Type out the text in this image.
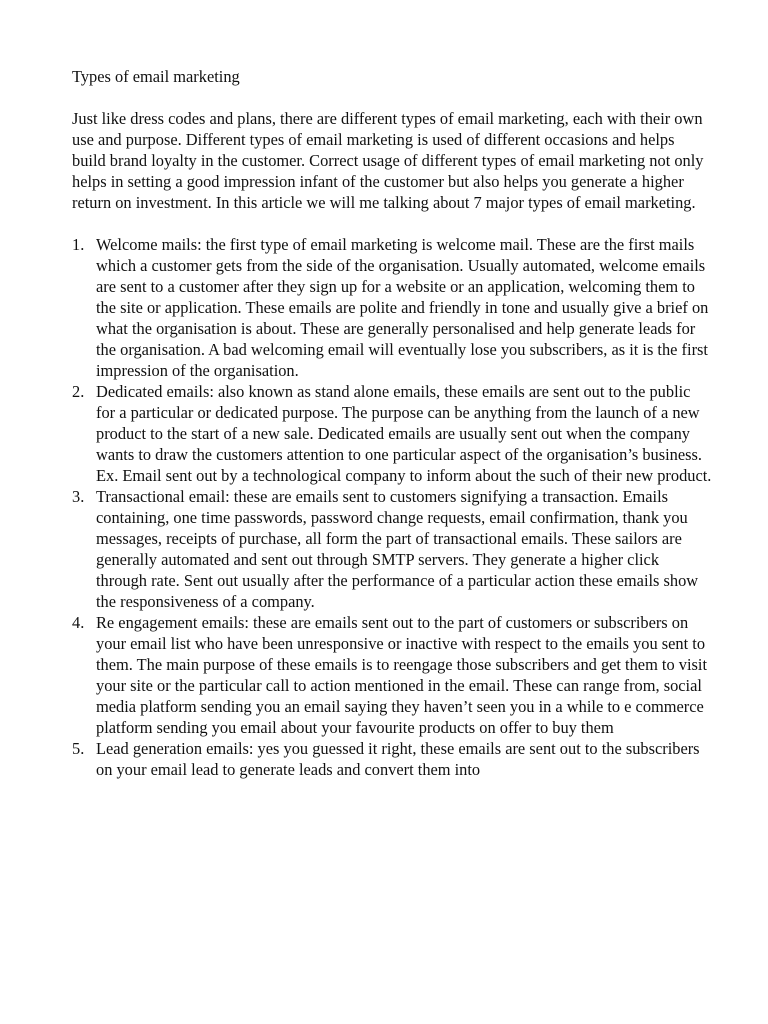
Types of email marketing

Just like dress codes and plans, there are different types of email marketing, each with their own use and purpose. Different types of email marketing is used of different occasions and helps build brand loyalty in the customer. Correct usage of different types of email marketing not only helps in setting a good impression infant of the customer but also helps you generate a higher return on investment. In this article we will me talking about 7 major types of email marketing.

1. Welcome mails: the first type of email marketing is welcome mail. These are the first mails which a customer gets from the side of the organisation. Usually automated, welcome emails are sent to a customer after they sign up for a website or an application, welcoming them to the site or application. These emails are polite and friendly in tone and usually give a brief on what the organisation is about. These are generally personalised and help generate leads for the organisation. A bad welcoming email will eventually lose you subscribers, as it is the first impression of the organisation.
2. Dedicated emails: also known as stand alone emails, these emails are sent out to the public for a particular or dedicated purpose. The purpose can be anything from the launch of a new product to the start of a new sale. Dedicated emails are usually sent out when the company wants to draw the customers attention to one particular aspect of the organisation’s business. Ex. Email sent out by a technological company to inform about the such of their new product.
3. Transactional email: these are emails sent to customers signifying a transaction. Emails containing, one time passwords, password change requests, email confirmation, thank you messages, receipts of purchase, all form the part of transactional emails. These sailors are generally automated and sent out through SMTP servers. They generate a higher click through rate. Sent out usually after the performance of a particular action these emails show the responsiveness of a company.
4. Re engagement emails: these are emails sent out to the part of customers or subscribers on your email list who have been unresponsive or inactive with respect to the emails you sent to them. The main purpose of these emails is to reengage those subscribers and get them to visit your site or the particular call to action mentioned in the email. These can range from, social media platform sending you an email saying they haven’t seen you in a while to e commerce platform sending you email about your favourite products on offer to buy them
5. Lead generation emails: yes you guessed it right, these emails are sent out to the subscribers on your email lead to generate leads and convert them into
